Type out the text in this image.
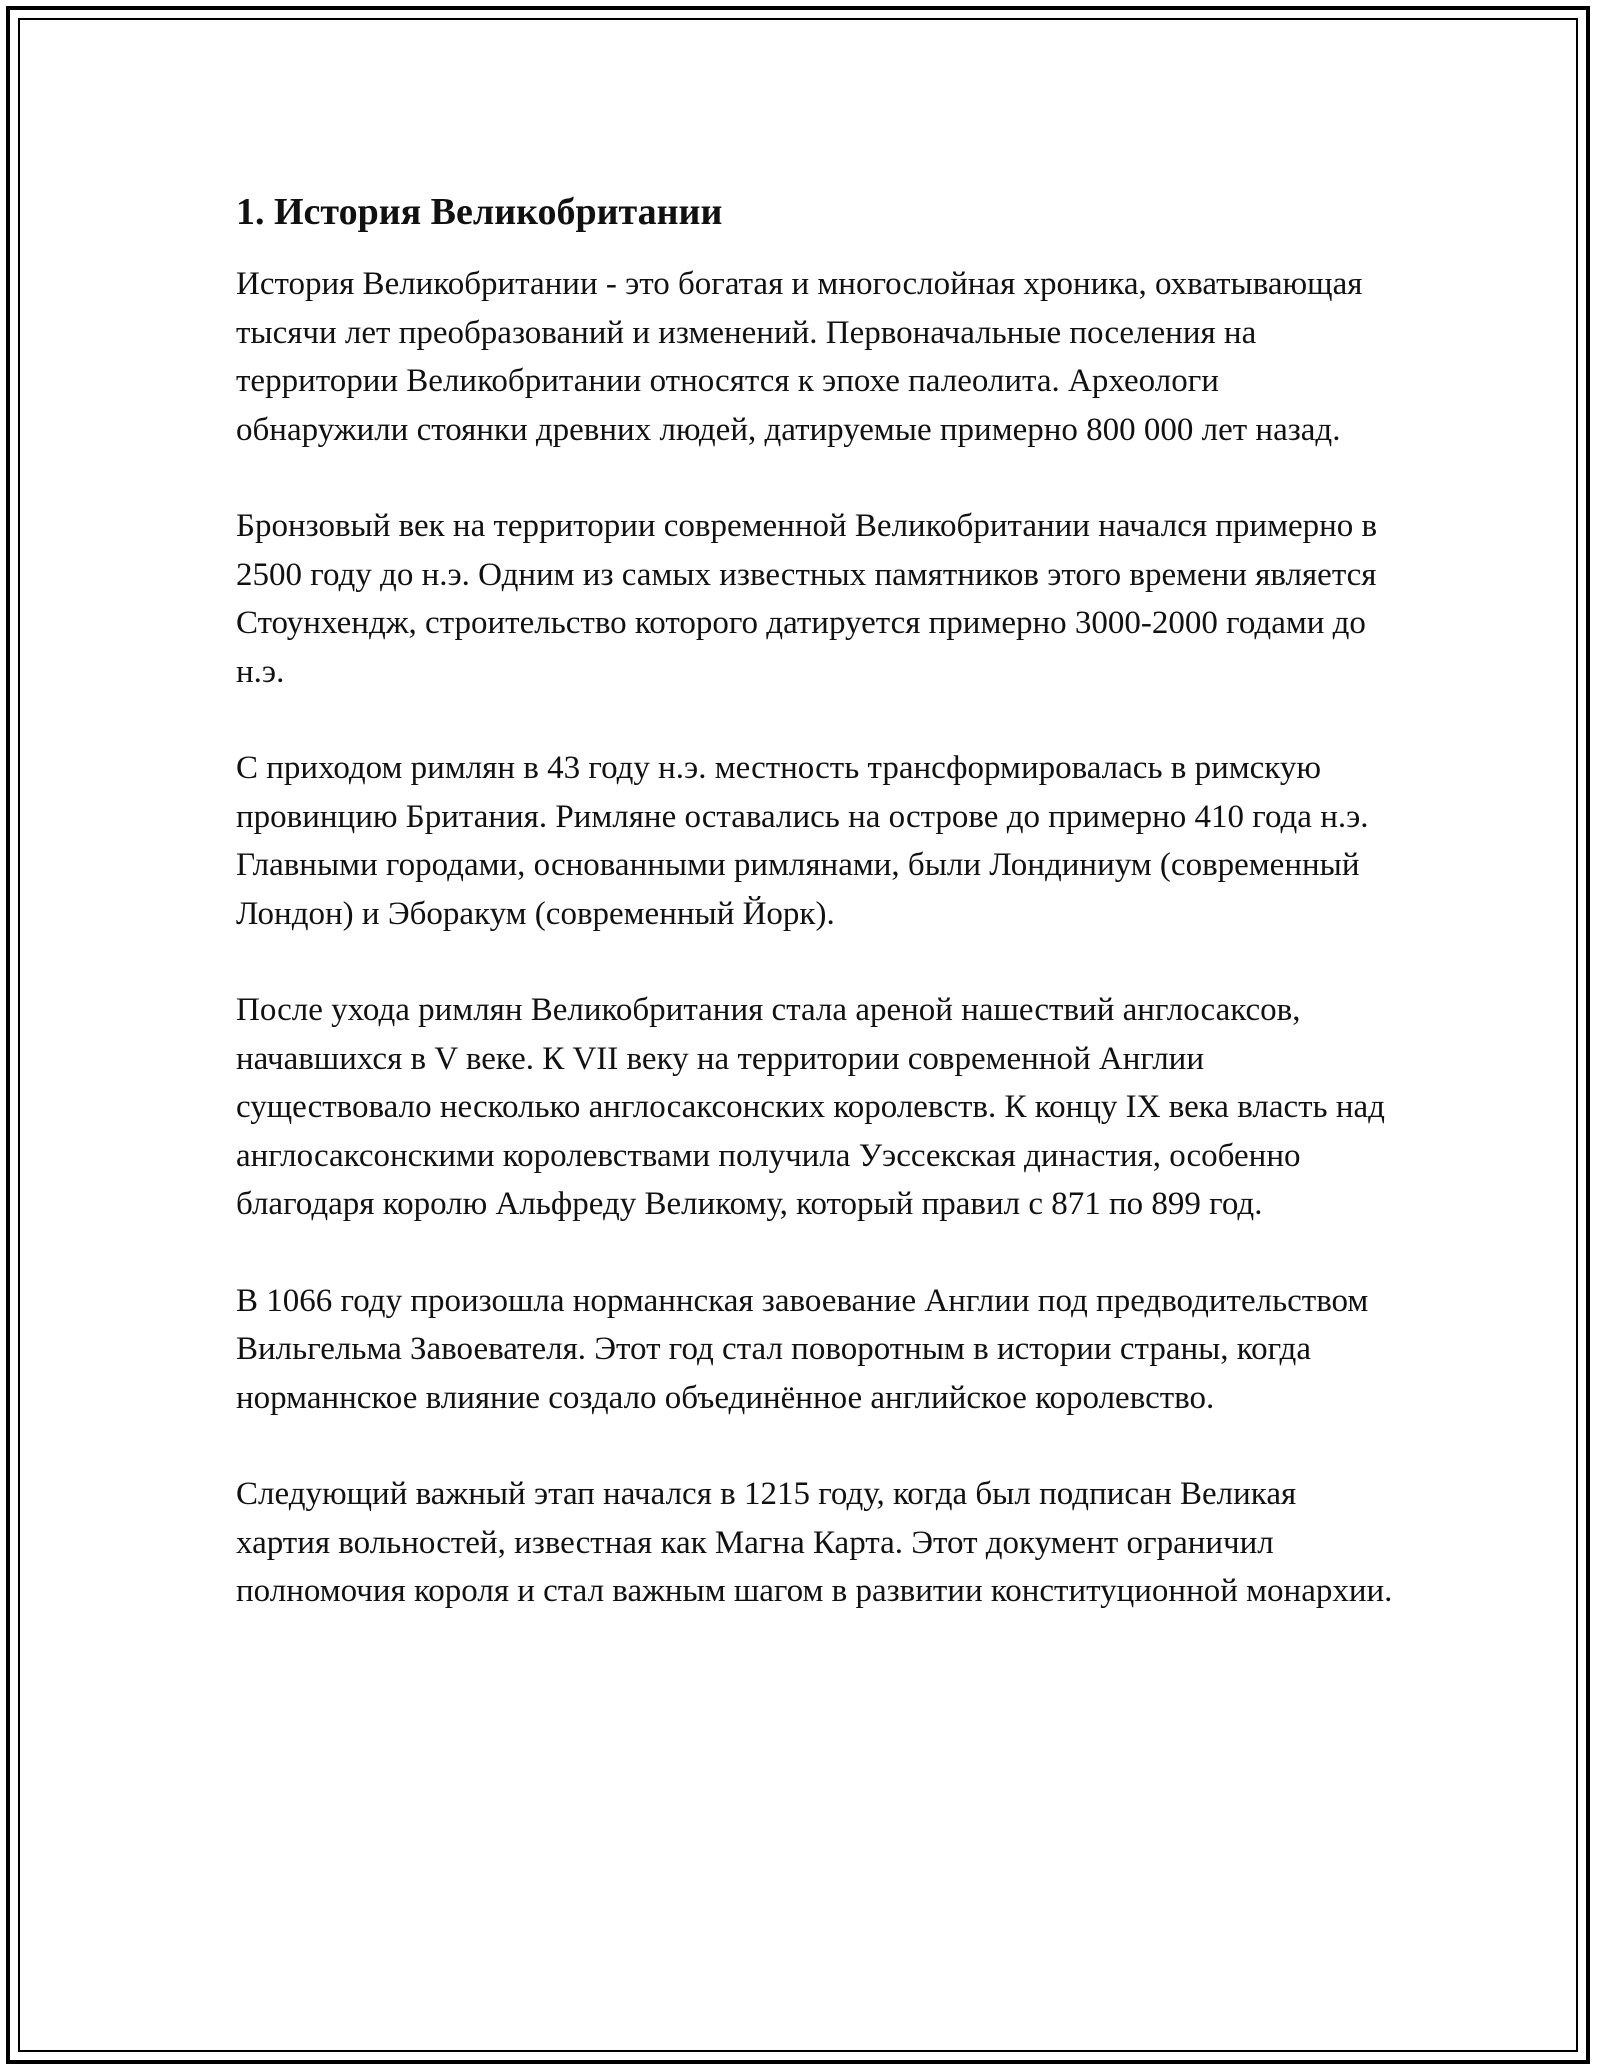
1. История Великобритании

История Великобритании - это богатая и многослойная хроника, охватывающая тысячи лет преобразований и изменений. Первоначальные поселения на территории Великобритании относятся к эпохе палеолита. Археологи обнаружили стоянки древних людей, датируемые примерно 800 000 лет назад.

Бронзовый век на территории современной Великобритании начался примерно в 2500 году до н.э. Одним из самых известных памятников этого времени является Стоунхендж, строительство которого датируется примерно 3000-2000 годами до н.э.

С приходом римлян в 43 году н.э. местность трансформировалась в римскую провинцию Британия. Римляне оставались на острове до примерно 410 года н.э. Главными городами, основанными римлянами, были Лондиниум (современный Лондон) и Эборакум (современный Йорк).

После ухода римлян Великобритания стала ареной нашествий англосаксов, начавшихся в V веке. К VII веку на территории современной Англии существовало несколько англосаксонских королевств. К концу IX века власть над англосаксонскими королевствами получила Уэссекская династия, особенно благодаря королю Альфреду Великому, который правил с 871 по 899 год.

В 1066 году произошла норманнская завоевание Англии под предводительством Вильгельма Завоевателя. Этот год стал поворотным в истории страны, когда норманнское влияние создало объединённое английское королевство.

Следующий важный этап начался в 1215 году, когда был подписан Великая хартия вольностей, известная как Магна Карта. Этот документ ограничил полномочия короля и стал важным шагом в развитии конституционной монархии.
